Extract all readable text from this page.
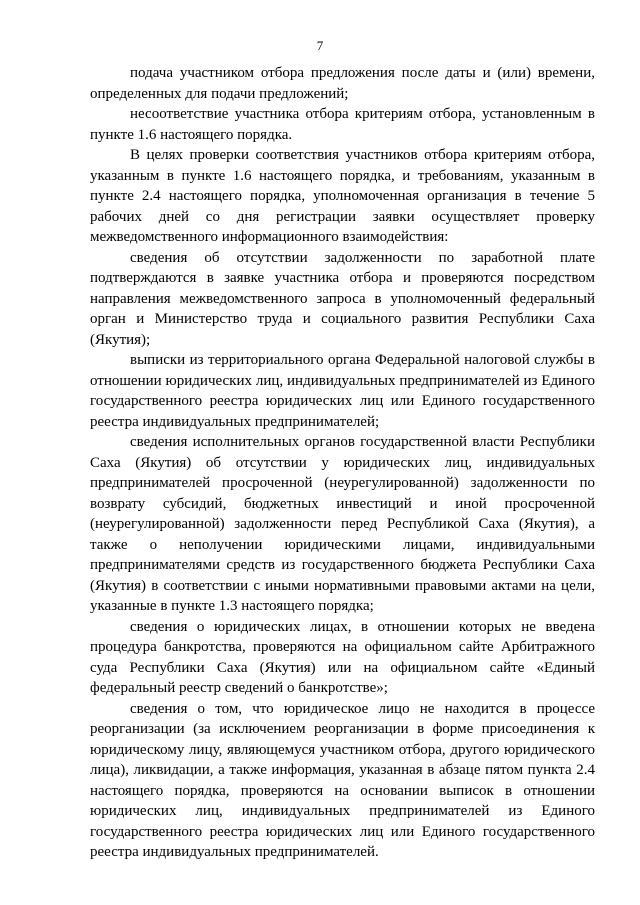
7

подача участником отбора предложения после даты и (или) времени, определенных для подачи предложений;

несоответствие участника отбора критериям отбора, установленным в пункте 1.6 настоящего порядка.

В целях проверки соответствия участников отбора критериям отбора, указанным в пункте 1.6 настоящего порядка, и требованиям, указанным в пункте 2.4 настоящего порядка, уполномоченная организация в течение 5 рабочих дней со дня регистрации заявки осуществляет проверку межведомственного информационного взаимодействия:

сведения об отсутствии задолженности по заработной плате подтверждаются в заявке участника отбора и проверяются посредством направления межведомственного запроса в уполномоченный федеральный орган и Министерство труда и социального развития Республики Саха (Якутия);

выписки из территориального органа Федеральной налоговой службы в отношении юридических лиц, индивидуальных предпринимателей из Единого государственного реестра юридических лиц или Единого государственного реестра индивидуальных предпринимателей;

сведения исполнительных органов государственной власти Республики Саха (Якутия) об отсутствии у юридических лиц, индивидуальных предпринимателей просроченной (неурегулированной) задолженности по возврату субсидий, бюджетных инвестиций и иной просроченной (неурегулированной) задолженности перед Республикой Саха (Якутия), а также о неполучении юридическими лицами, индивидуальными предпринимателями средств из государственного бюджета Республики Саха (Якутия) в соответствии с иными нормативными правовыми актами на цели, указанные в пункте 1.3 настоящего порядка;

сведения о юридических лицах, в отношении которых не введена процедура банкротства, проверяются на официальном сайте Арбитражного суда Республики Саха (Якутия) или на официальном сайте «Единый федеральный реестр сведений о банкротстве»;

сведения о том, что юридическое лицо не находится в процессе реорганизации (за исключением реорганизации в форме присоединения к юридическому лицу, являющемуся участником отбора, другого юридического лица), ликвидации, а также информация, указанная в абзаце пятом пункта 2.4 настоящего порядка, проверяются на основании выписок в отношении юридических лиц, индивидуальных предпринимателей из Единого государственного реестра юридических лиц или Единого государственного реестра индивидуальных предпринимателей.
